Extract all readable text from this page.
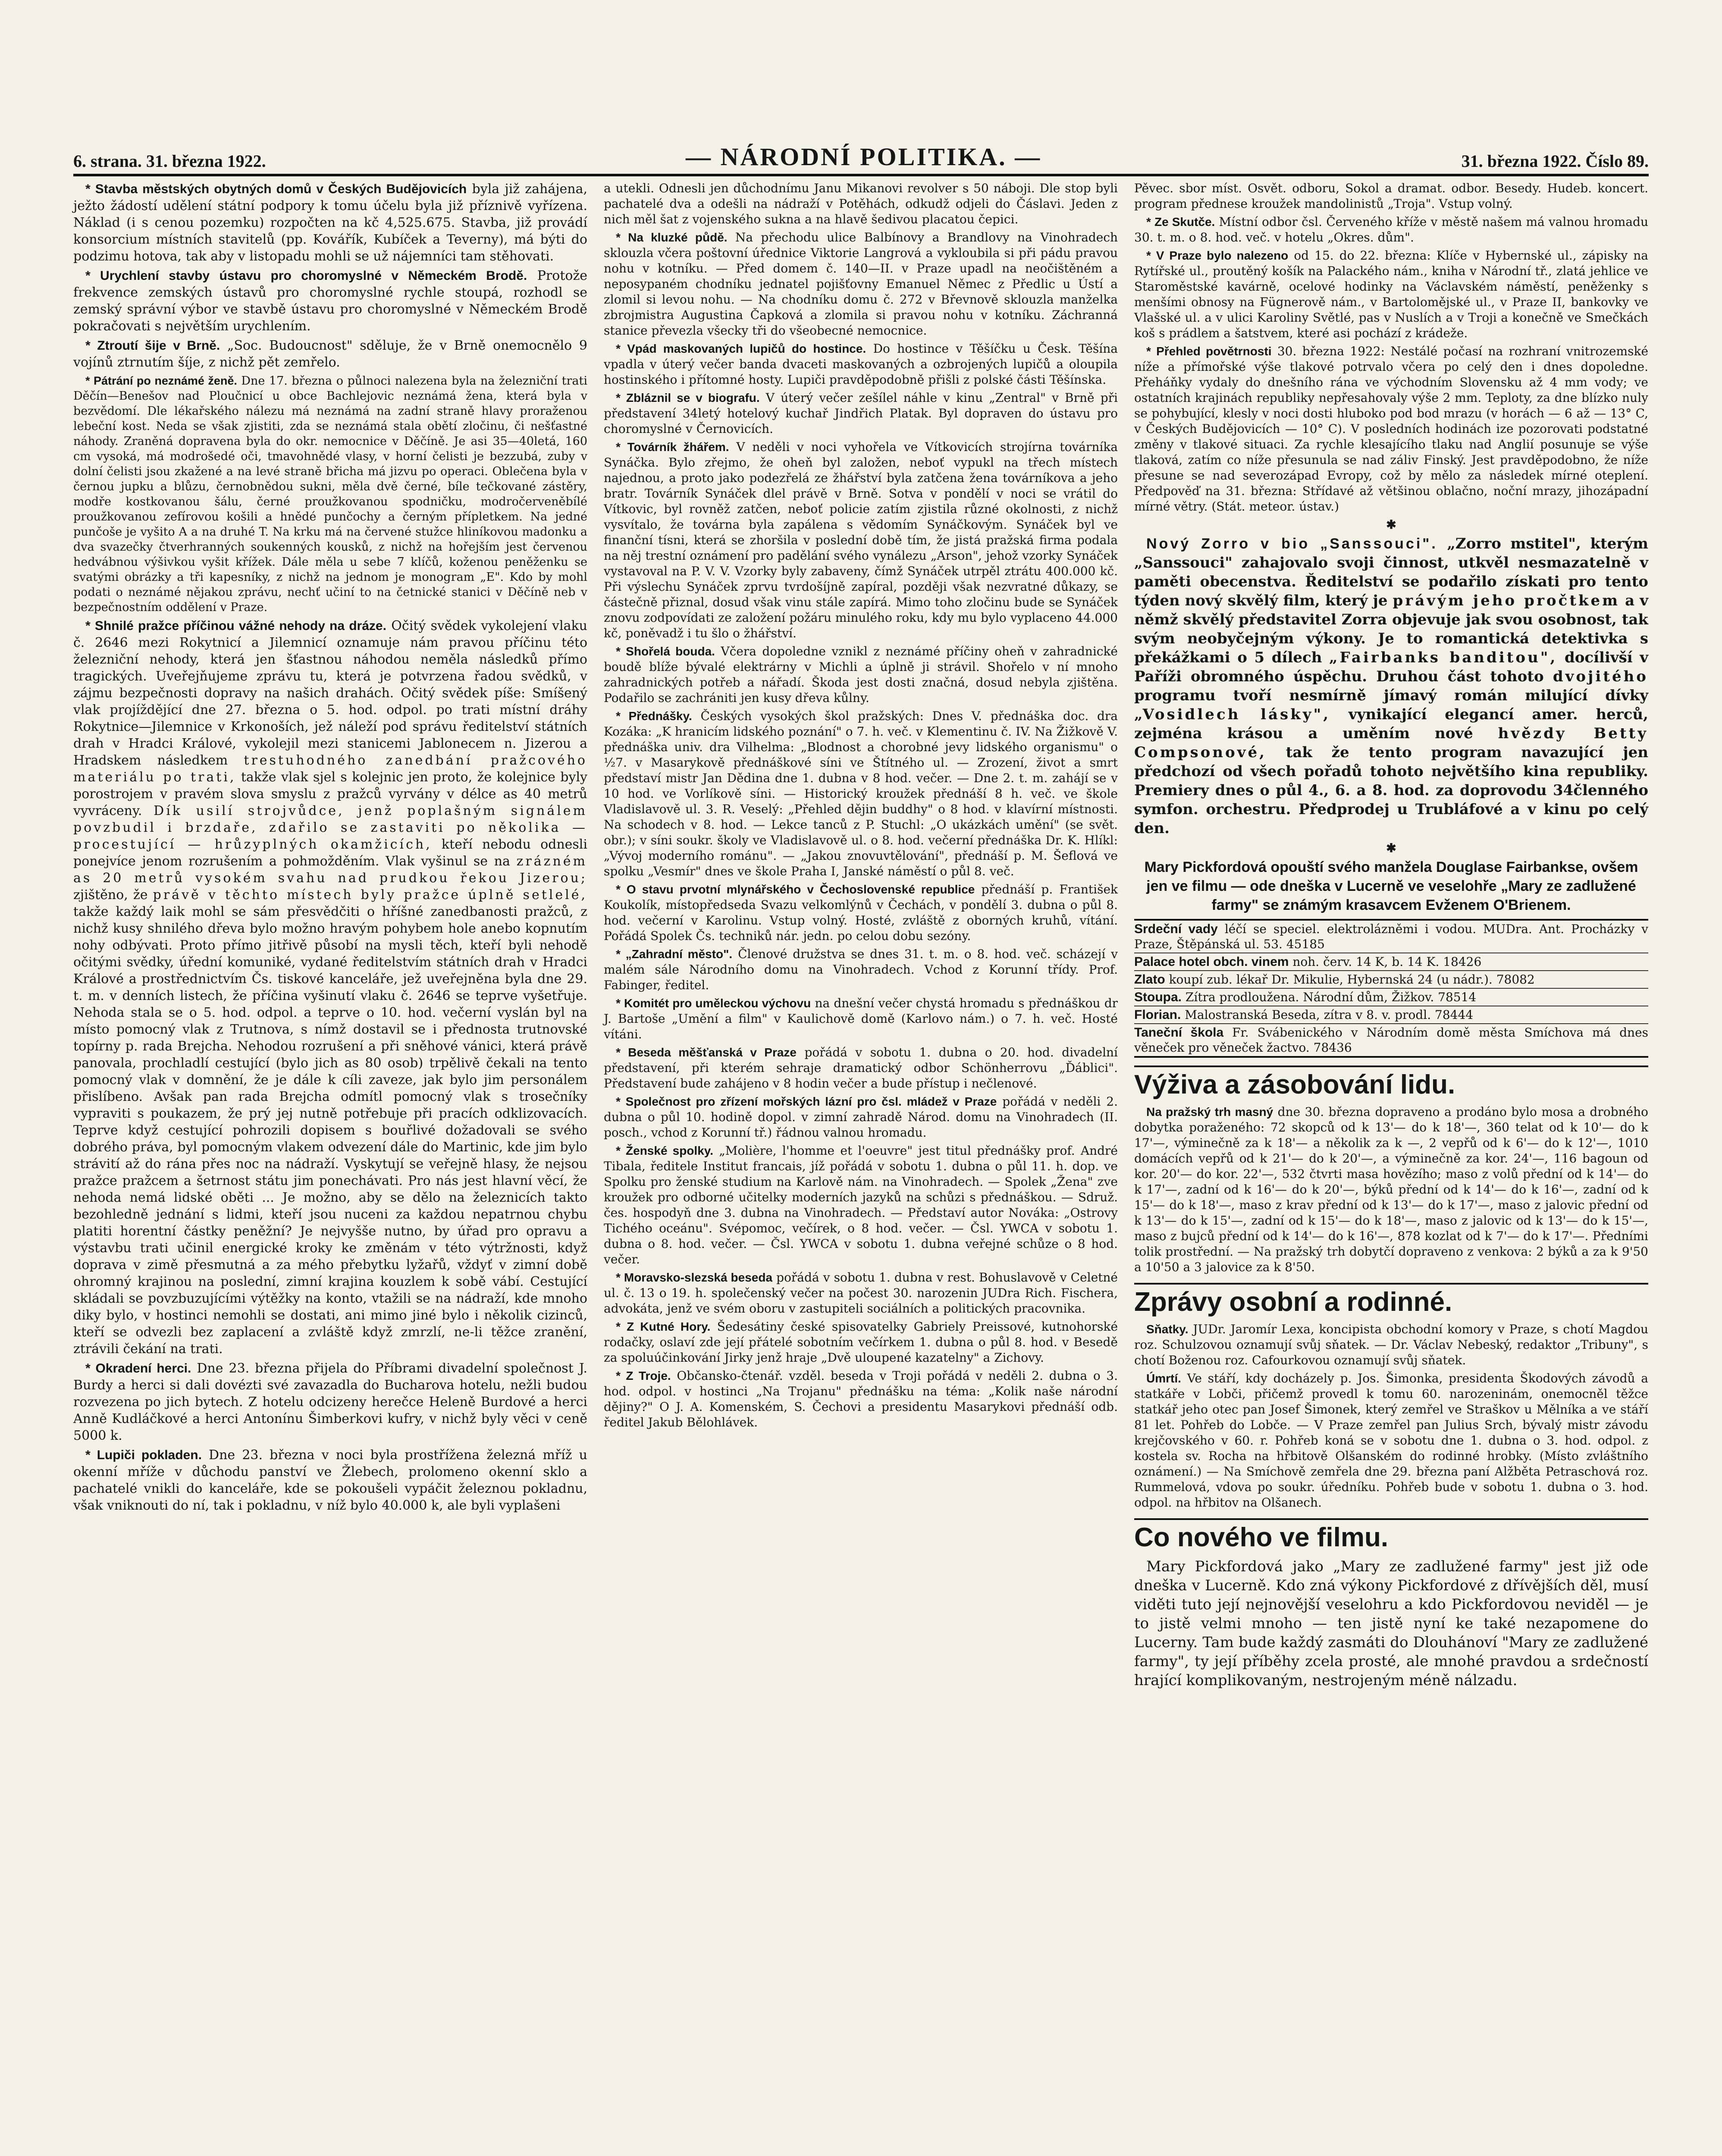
6. strana. 31. března 1922.	— NÁRODNÍ POLITIKA. —	31. března 1922. Číslo 89.

* Stavba městských obytných domů v Českých Budějovicích byla již zahájena, ježto žádostí udělení státní podpory k tomu účelu byla již příznivě vyřízena. Náklad (i s cenou pozemku) rozpočten na kč 4,525.675. Stavba, již provádí konsorcium místních stavitelů (pp. Kovářík, Kubíček a Teverny), má býti do podzimu hotova, tak aby v listopadu mohli se už nájemníci tam stěhovati.

* Urychlení stavby ústavu pro choromyslné v Německém Brodě. Protože frekvence zemských ústavů pro choromyslné rychle stoupá, rozhodl se zemský správní výbor ve stavbě ústavu pro choromyslné v Německém Brodě pokračovati s největším urychlením.

* Ztroutí šije v Brně. „Soc. Budoucnost" sděluje, že v Brně onemocnělo 9 vojínů ztrnutím šíje, z nichž pět zemřelo.

* Pátrání po neznámé ženě. Dne 17. března o půlnoci nalezena byla na železniční trati Děčín—Benešov nad Ploučnicí u obce Bachlejovic neznámá žena, která byla v bezvědomí. Dle lékařského nálezu má neznámá na zadní straně hlavy proraženou lebeční kost. Neda se však zjistiti, zda se neznámá stala obětí zločinu, či nešťastné náhody. Zraněná dopravena byla do okr. nemocnice v Děčíně. Je asi 35—40letá, 160 cm vysoká, má modrošedé oči, tmavohnědé vlasy, v horní čelisti je bezzubá, zuby v dolní čelisti jsou zkažené a na levé straně břicha má jizvu po operaci. Oblečena byla v černou jupku a blůzu, černobnědou sukni, měla dvě černé, bíle tečkované zástěry, modře kostkovanou šálu, černé proužkovanou spodničku, modročerveněbílé proužkovanou zefírovou košili a hnědé punčochy a černým přípletkem. Na jedné punčoše je vyšito A a na druhé T. Na krku má na červené stužce hliníkovou madonku a dva svazečky čtverhranných soukenných kousků, z nichž na hořejším jest červenou hedvábnou výšivkou vyšit křížek. Dále měla u sebe 7 klíčů, koženou peněženku se svatými obrázky a tři kapesníky, z nichž na jednom je monogram „E". Kdo by mohl podati o neznámé nějakou zprávu, nechť učiní to na četnické stanici v Děčíně neb v bezpečnostním oddělení v Praze.

* Shnilé pražce příčinou vážné nehody na dráze. Očitý svědek vykolejení vlaku č. 2646 mezi Rokytnicí a Jilemnicí oznamuje nám pravou příčinu této železniční nehody, která jen šťastnou náhodou neměla následků přímo tragických. Uveřejňujeme zprávu tu, která je potvrzena řadou svědků, v zájmu bezpečnosti dopravy na našich drahách. Očitý svědek píše: Smíšený vlak projíždějící dne 27. března o 5. hod. odpol. po trati místní dráhy Rokytnice—Jilemnice v Krkonoších, jež náleží pod správu ředitelství státních drah v Hradci Králové, vykolejil mezi stanicemi Jablonecem n. Jizerou a Hradskem následkem trestuhodného zanedbání pražcového materiálu po trati, takže vlak sjel s kolejnic jen proto, že kolejnice byly porostrojem v pravém slova smyslu z pražců vyrvány v délce as 40 metrů vyvráceny. Dík usilí strojvůdce, jenž poplašným signálem povzbudil i brzdaře, zdařilo se zastaviti po několika — procestující — hrůzyplných okamžicích, kteří nebodu odnesli ponejvíce jenom rozrušením a pohmožděním. Vlak vyšinul se na zrázném as 20 metrů vysokém svahu nad prudkou řekou Jizerou; zjištěno, že právě v těchto místech byly pražce úplně setlelé, takže každý laik mohl se sám přesvědčiti o hříšné zanedbanosti pražců, z nichž kusy shnilého dřeva bylo možno hravým pohybem hole anebo kopnutím nohy odbývati. Proto přímo jitřivě působí na mysli těch, kteří byli nehodě očitými svědky, úřední komuniké, vydané ředitelstvím státních drah v Hradci Králové a prostřednictvím Čs. tiskové kanceláře, jež uveřejněna byla dne 29. t. m. v denních listech, že příčina vyšinutí vlaku č. 2646 se teprve vyšetřuje. Nehoda stala se o 5. hod. odpol. a teprve o 10. hod. večerní vyslán byl na místo pomocný vlak z Trutnova, s nímž dostavil se i přednosta trutnovské topírny p. rada Brejcha. Nehodou rozrušení a při sněhové vánici, která právě panovala, prochladlí cestující (bylo jich as 80 osob) trpělivě čekali na tento pomocný vlak v domnění, že je dále k cíli zaveze, jak bylo jim personálem přislíbeno. Avšak pan rada Brejcha odmítl pomocný vlak s trosečníky vypraviti s poukazem, že prý jej nutně potřebuje při pracích odklizovacích. Teprve když cestující pohrozili dopisem s bouřlivé dožadovali se svého dobrého práva, byl pomocným vlakem odvezení dále do Martinic, kde jim bylo strávití až do rána přes noc na nádraží. Vyskytují se veřejně hlasy, že nejsou pražce pražcem a šetrnost státu jim ponechávati. Pro nás jest hlavní věcí, že nehoda nemá lidské oběti ... Je možno, aby se dělo na železnicích takto bezohledně jednání s lidmi, kteří jsou nuceni za každou nepatrnou chybu platiti horentní částky peněžní? Je nejvyšše nutno, by úřad pro opravu a výstavbu trati učinil energické kroky ke změnám v této výtržnosti, když doprava v zimě přesmutná a za mého přebytku lyžařů, vždyť v zimní době ohromný krajinou na poslední, zimní krajina kouzlem k sobě vábí. Cestující skládali se povzbuzujícími výtěžky na konto, vtažili se na nádraží, kde mnoho diky bylo, v hostinci nemohli se dostati, ani mimo jiné bylo i několik cizinců, kteří se odvezli bez zaplacení a zvláště když zmrzlí, ne-li těžce zranění, ztrávili čekání na trati.

* Okradení herci. Dne 23. března přijela do Příbrami divadelní společnost J. Burdy a herci si dali dovézti své zavazadla do Bucharova hotelu, nežli budou rozvezena po jich bytech. Z hotelu odcizeny herečce Heleně Burdové a herci Anně Kudláčkové a herci Antonínu Šimberkovi kufry, v nichž byly věci v ceně 5000 k.

* Lupiči pokladen. Dne 23. března v noci byla prostřížena železná mříž u okenní mříže v důchodu panství ve Žlebech, prolomeno okenní sklo a pachatelé vnikli do kanceláře, kde se pokoušeli vypáčit železnou pokladnu, však vniknouti do ní, tak i pokladnu, v níž bylo 40.000 k, ale byli vyplašeni

a utekli. Odnesli jen důchodnímu Janu Mikanovi revolver s 50 náboji. Dle stop byli pachatelé dva a odešli na nádraží v Potěhách, odkudž odjeli do Čáslavi. Jeden z nich měl šat z vojenského sukna a na hlavě šedivou placatou čepici.

* Na kluzké půdě. Na přechodu ulice Balbínovy a Brandlovy na Vinohradech sklouzla včera poštovní úřednice Viktorie Langrová a vykloubila si při pádu pravou nohu v kotníku. — Před domem č. 140—II. v Praze upadl na neočištěném a neposypaném chodníku jednatel pojišťovny Emanuel Němec z Předlic u Ústí a zlomil si levou nohu. — Na chodníku domu č. 272 v Břevnově sklouzla manželka zbrojmistra Augustina Čapková a zlomila si pravou nohu v kotníku. Záchranná stanice převezla všecky tři do všeobecné nemocnice.

* Vpád maskovaných lupičů do hostince. Do hostince v Těšíčku u Česk. Těšína vpadla v úterý večer banda dvaceti maskovaných a ozbrojených lupičů a oloupila hostinského i přítomné hosty. Lupiči pravděpodobně přišli z polské části Těšínska.

* Zbláznil se v biografu. V úterý večer zešílel náhle v kinu „Zentral" v Brně při představení 34letý hotelový kuchař Jindřich Platak. Byl dopraven do ústavu pro choromyslné v Černovicích.

* Továrník žhářem. V neděli v noci vyhořela ve Vítkovicích strojírna továrníka Synáčka. Bylo zřejmo, že oheň byl založen, neboť vypukl na třech místech najednou, a proto jako podezřelá ze žhářství byla zatčena žena továrníkova a jeho bratr. Továrník Synáček dlel právě v Brně. Sotva v pondělí v noci se vrátil do Vítkovic, byl rovněž zatčen, neboť policie zatím zjistila různé okolnosti, z nichž vysvítalo, že továrna byla zapálena s vědomím Synáčkovým. Synáček byl ve finanční tísni, která se zhoršila v poslední době tím, že jistá pražská firma podala na něj trestní oznámení pro padělání svého vynálezu „Arson", jehož vzorky Synáček vystavoval na P. V. V. Vzorky byly zabaveny, čímž Synáček utrpěl ztrátu 400.000 kč. Při výslechu Synáček zprvu tvrdošíjně zapíral, později však nezvratné důkazy, se částečně přiznal, dosud však vinu stále zapírá. Mimo toho zločinu bude se Synáček znovu zodpovídati ze založení požáru minulého roku, kdy mu bylo vyplaceno 44.000 kč, poněvadž i tu šlo o žhářství.

* Shořelá bouda. Včera dopoledne vznikl z neznámé příčiny oheň v zahradnické boudě blíže bývalé elektrárny v Michli a úplně ji strávil. Shořelo v ní mnoho zahradnických potřeb a nářadí. Škoda jest dosti značná, dosud nebyla zjištěna. Podařilo se zachrániti jen kusy dřeva kůlny.

* Přednášky. Českých vysokých škol pražských: Dnes V. přednáška doc. dra Kozáka: „K hranicím lidského poznání" o 7. h. več. v Klementinu č. IV. Na Žižkově V. přednáška univ. dra Vilhelma: „Blodnost a chorobné jevy lidského organismu" o ½7. v Masarykově přednáškové síni ve Štítného ul. — Zrození, život a smrt představí mistr Jan Dědina dne 1. dubna v 8 hod. večer. — Dne 2. t. m. zahájí se v 10 hod. ve Vorlíkově síni. — Historický kroužek přednáší 8 h. več. ve škole Vladislavově ul. 3. R. Veselý: „Přehled dějin buddhy" o 8 hod. v klavírní místnosti. Na schodech v 8. hod. — Lekce tanců z P. Stuchl: „O ukázkách umění" (se svět. obr.); v síni soukr. školy ve Vladislavově ul. o 8. hod. večerní přednáška Dr. K. Hlíkl: „Vývoj moderního románu". — „Jakou znovuvtělování", přednáší p. M. Šeflová ve spolku „Vesmír" dnes ve škole Praha I, Janské náměstí o půl 8. več.

* O stavu prvotní mlynářského v Čechoslovenské republice přednáší p. František Koukolík, místopředseda Svazu velkomlýnů v Čechách, v pondělí 3. dubna o půl 8. hod. večerní v Karolinu. Vstup volný. Hosté, zvláště z oborných kruhů, vítání. Pořádá Spolek Čs. techniků nár. jedn. po celou dobu sezóny.

* „Zahradní město". Členové družstva se dnes 31. t. m. o 8. hod. več. scházejí v malém sále Národního domu na Vinohradech. Vchod z Korunní třídy. Prof. Fabinger, ředitel.

* Komitét pro uměleckou výchovu na dnešní večer chystá hromadu s přednáškou dr J. Bartoše „Umění a film" v Kaulichově domě (Karlovo nám.) o 7. h. več. Hosté vítáni.

* Beseda měšťanská v Praze pořádá v sobotu 1. dubna o 20. hod. divadelní představení, při kterém sehraje dramatický odbor Schönherrovu „Ďáblici". Představení bude zahájeno v 8 hodin večer a bude přístup i nečlenové.

* Společnost pro zřízení mořských lázní pro čsl. mládež v Praze pořádá v neděli 2. dubna o půl 10. hodině dopol. v zimní zahradě Národ. domu na Vinohradech (II. posch., vchod z Korunní tř.) řádnou valnou hromadu.

* Ženské spolky. „Molière, l'homme et l'oeuvre" jest titul přednášky prof. André Tibala, ředitele Institut francais, jíž pořádá v sobotu 1. dubna o půl 11. h. dop. ve Spolku pro ženské studium na Karlově nám. na Vinohradech. — Spolek „Žena" zve kroužek pro odborné učitelky moderních jazyků na schůzi s přednáškou. — Sdruž. čes. hospodyň dne 3. dubna na Vinohradech. — Představí autor Nováka: „Ostrovy Tichého oceánu". Svépomoc, večírek, o 8 hod. večer. — Čsl. YWCA v sobotu 1. dubna o 8. hod. večer. — Čsl. YWCA v sobotu 1. dubna veřejné schůze o 8 hod. večer.

* Moravsko-slezská beseda pořádá v sobotu 1. dubna v rest. Bohuslavově v Celetné ul. č. 13 o 19. h. společenský večer na počest 30. narozenin JUDra Rich. Fischera, advokáta, jenž ve svém oboru v zastupiteli sociálních a politických pracovnika.

* Z Kutné Hory. Šedesátiny české spisovatelky Gabriely Preissové, kutnohorské rodačky, oslaví zde její přátelé sobotním večírkem 1. dubna o půl 8. hod. v Besedě za spoluúčinkování Jirky jenž hraje „Dvě uloupené kazatelny" a Zichovy.

* Z Troje. Občansko-čtenář. vzděl. beseda v Troji pořádá v neděli 2. dubna o 3. hod. odpol. v hostinci „Na Trojanu" přednášku na téma: „Kolik naše národní dějiny?" O J. A. Komenském, S. Čechovi a presidentu Masarykovi přednáší odb. ředitel Jakub Bělohlávek.

Pěvec. sbor míst. Osvět. odboru, Sokol a dramat. odbor. Besedy. Hudeb. koncert. program přednese kroužek mandolinistů „Troja". Vstup volný.

* Ze Skutče. Místní odbor čsl. Červeného kříže v městě našem má valnou hromadu 30. t. m. o 8. hod. več. v hotelu „Okres. dům".

* V Praze bylo nalezeno od 15. do 22. března: Klíče v Hybernské ul., zápisky na Rytířské ul., proutěný košík na Palackého nám., kniha v Národní tř., zlatá jehlice ve Staroměstské kavárně, ocelové hodinky na Václavském náměstí, peněženky s menšími obnosy na Fügnerově nám., v Bartolomějské ul., v Praze II, bankovky ve Vlašské ul. a v ulici Karoliny Světlé, pas v Nuslích a v Troji a konečně ve Smečkách koš s prádlem a šatstvem, které asi pochází z krádeže.

* Přehled povětrnosti 30. března 1922: Nestálé počasí na rozhraní vnitrozemské níže a přímořské výše tlakové potrvalo včera po celý den i dnes dopoledne. Přeháňky vydaly do dnešního rána ve východním Slovensku až 4 mm vody; ve ostatních krajinách republiky nepřesahovaly výše 2 mm. Teploty, za dne blízko nuly se pohybující, klesly v noci dosti hluboko pod bod mrazu (v horách — 6 až — 13° C, v Českých Budějovicích — 10° C). V posledních hodinách ize pozorovati podstatné změny v tlakové situaci. Za rychle klesajícího tlaku nad Anglií posunuje se výše tlaková, zatím co níže přesunula se nad záliv Finský. Jest pravděpodobno, že níže přesune se nad severozápad Evropy, což by mělo za následek mírné oteplení. Předpověď na 31. března: Střídavé až většinou oblačno, noční mrazy, jihozápadní mírné větry. (Stát. meteor. ústav.)

✱

Nový Zorro v bio „Sanssouci". „Zorro mstitel", kterým „Sanssouci" zahajovalo svoji činnost, utkvěl nesmazatelně v paměti obecenstva. Ředitelství se podařilo získati pro tento týden nový skvělý film, který je právým jeho pročtkem a v němž skvělý představitel Zorra objevuje jak svou osobnost, tak svým neobyčejným výkony. Je to romantická detektivka s překážkami o 5 dílech „Fairbanks banditou", docílivší v Paříži obromného úspěchu. Druhou část tohoto dvojitého programu tvoří nesmírně jímavý román milující dívky „Vosidlech lásky", vynikající elegancí amer. herců, zejména krásou a uměním nové hvězdy Betty Compsonové, tak že tento program navazující jen předchozí od všech pořadů tohoto největšího kina republiky. Premiery dnes o půl 4., 6. a 8. hod. za doprovodu 34členného symfon. orchestru. Předprodej u Trubláfové a v kinu po celý den.

✱

Mary Pickfordová opouští svého manžela Douglase Fairbankse, ovšem jen ve filmu — ode dneška v Lucerně ve veselohře „Mary ze zadlužené farmy" se známým krasavcem Evženem O'Brienem.

Srdeční vady léčí se speciel. elektrolázněmi i vodou. MUDra. Ant. Procházky v Praze, Štěpánská ul. 53. 45185
Palace hotel obch. vinem noh. červ. 14 K, b. 14 K. 18426
Zlato koupí zub. lékař Dr. Mikulie, Hybernská 24 (u nádr.). 78082
Stoupa. Zítra prodloužena. Národní dům, Žižkov. 78514
Florian. Malostranská Beseda, zítra v 8. v. prodl. 78444
Taneční škola Fr. Svábenického v Národním domě města Smíchova má dnes věneček pro věneček žactvo. 78436
Výživa a zásobování lidu.

Na pražský trh masný dne 30. března dopraveno a prodáno bylo mosa a drobného dobytka poraženého: 72 skopců od k 13'— do k 18'—, 360 telat od k 10'— do k 17'—, výminečně za k 18'— a několik za k —, 2 vepřů od k 6'— do k 12'—, 1010 domácích vepřů od k 21'— do k 20'—, a výminečně za kor. 24'—, 116 bagoun od kor. 20'— do kor. 22'—, 532 čtvrti masa hovězího; maso z volů přední od k 14'— do k 17'—, zadní od k 16'— do k 20'—, býků přední od k 14'— do k 16'—, zadní od k 15'— do k 18'—, maso z krav přední od k 13'— do k 17'—, maso z jalovic přední od k 13'— do k 15'—, zadní od k 15'— do k 18'—, maso z jalovic od k 13'— do k 15'—, maso z bujců přední od k 14'— do k 16'—, 878 kozlat od k 7'— do k 17'—. Předními tolik prostřední. — Na pražský trh dobytčí dopraveno z venkova: 2 býků a za k 9'50 a 10'50 a 3 jalovice za k 8'50.

Zprávy osobní a rodinné.

Sňatky. JUDr. Jaromír Lexa, koncipista obchodní komory v Praze, s chotí Magdou roz. Schulzovou oznamují svůj sňatek. — Dr. Václav Nebeský, redaktor „Tribuny", s chotí Boženou roz. Cafourkovou oznamují svůj sňatek.

Úmrtí. Ve stáří, kdy docházely p. Jos. Šimonka, presidenta Škodových závodů a statkáře v Lobči, přičemž provedl k tomu 60. narozeninám, onemocněl těžce statkář jeho otec pan Josef Šimonek, který zemřel ve Straškov u Mělníka a ve stáří 81 let. Pohřeb do Lobče. — V Praze zemřel pan Julius Srch, bývalý mistr závodu krejčovského v 60. r. Pohřeb koná se v sobotu dne 1. dubna o 3. hod. odpol. z kostela sv. Rocha na hřbitově Olšanském do rodinné hrobky. (Místo zvláštního oznámení.) — Na Smíchově zemřela dne 29. března paní Alžběta Petraschová roz. Rummelová, vdova po soukr. úředníku. Pohřeb bude v sobotu 1. dubna o 3. hod. odpol. na hřbitov na Olšanech.

Co nového ve filmu.

Mary Pickfordová jako „Mary ze zadlužené farmy" jest již ode dneška v Lucerně. Kdo zná výkony Pickfordové z dřívějších děl, musí viděti tuto její nejnovější veselohru a kdo Pickfordovou neviděl — je to jistě velmi mnoho — ten jistě nyní ke také nezapomene do Lucerny. Tam bude každý zasmáti do Dlouhánoví "Mary ze zadlužené farmy", ty její příběhy zcela prosté, ale mnohé pravdou a srdečností hrající komplikovaným, nestrojeným méně nálzadu.
